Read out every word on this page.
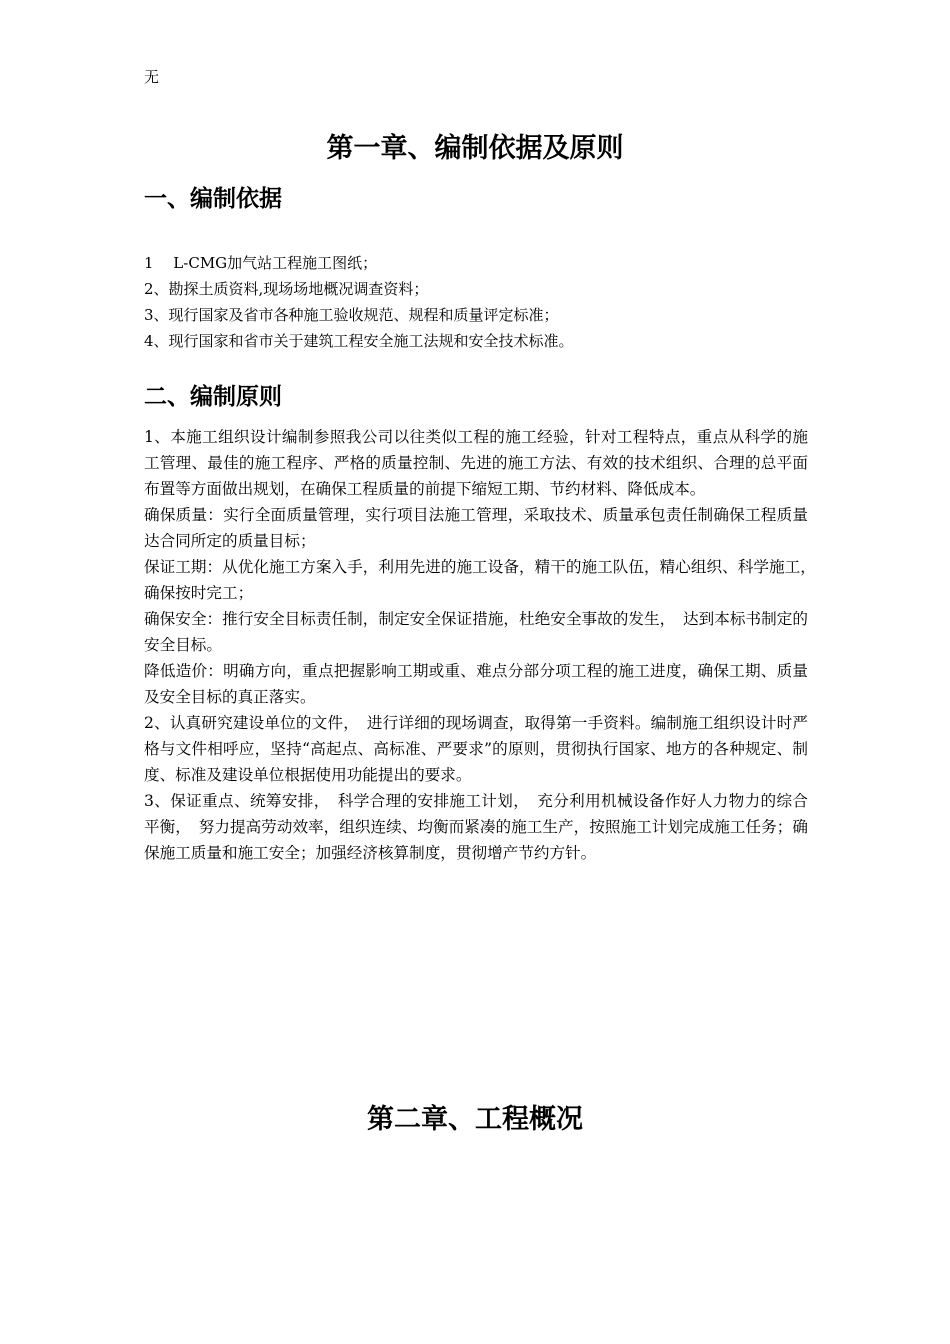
无
第一章、编制依据及原则
一、编制依据
1　 L-CMG加气站工程施工图纸；
2、勘探土质资料,现场场地概况调查资料；
3、现行国家及省市各种施工验收规范、规程和质量评定标准；
4、现行国家和省市关于建筑工程安全施工法规和安全技术标准。
二、编制原则

1、本施工组织设计编制参照我公司以往类似工程的施工经验，针对工程特点，重点从科学的施工管理、最佳的施工程序、严格的质量控制、先进的施工方法、有效的技术组织、合理的总平面布置等方面做出规划，在确保工程质量的前提下缩短工期、节约材料、降低成本。

确保质量：实行全面质量管理，实行项目法施工管理，采取技术、质量承包责任制确保工程质量达合同所定的质量目标；

保证工期：从优化施工方案入手，利用先进的施工设备，精干的施工队伍，精心组织、科学施工，　确保按时完工；

确保安全：推行安全目标责任制，制定安全保证措施，杜绝安全事故的发生，　达到本标书制定的安全目标。

降低造价：明确方向，重点把握影响工期或重、难点分部分项工程的施工进度，确保工期、质量及安全目标的真正落实。

2、认真研究建设单位的文件，　进行详细的现场调查，取得第一手资料。编制施工组织设计时严格与文件相呼应，坚持“高起点、高标准、严要求”的原则，贯彻执行国家、地方的各种规定、制度、标准及建设单位根据使用功能提出的要求。

3、保证重点、统筹安排，　科学合理的安排施工计划，　充分利用机械设备作好人力物力的综合平衡，　努力提高劳动效率，组织连续、均衡而紧凑的施工生产，按照施工计划完成施工任务；确保施工质量和施工安全；加强经济核算制度，贯彻增产节约方针。

第二章、工程概况
